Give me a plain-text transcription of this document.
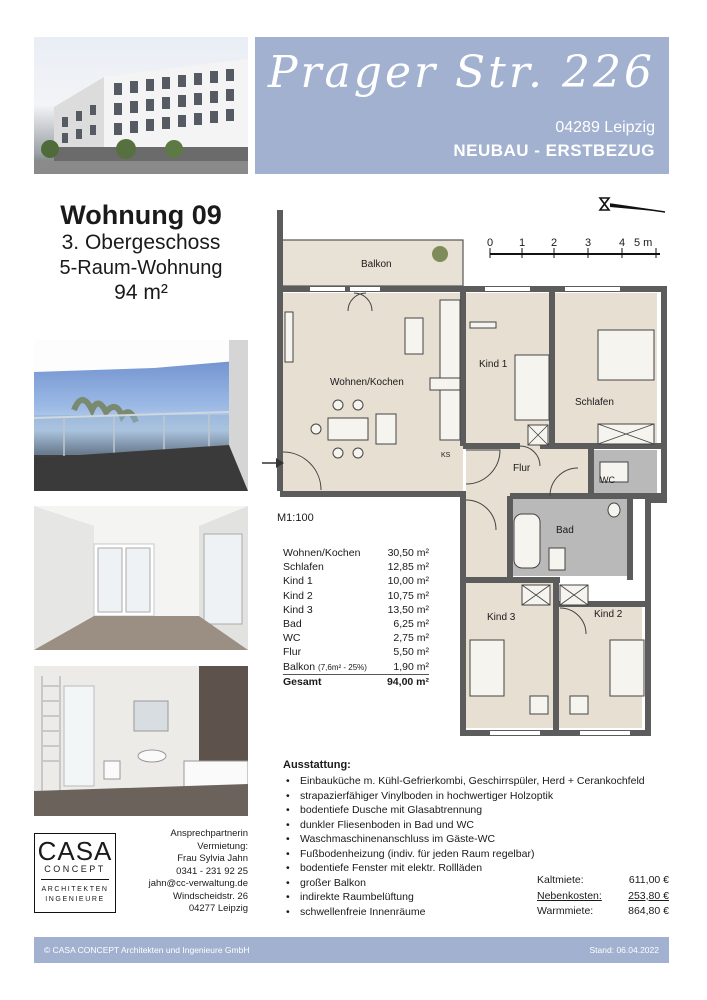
Prager Str. 226
04289 Leipzig
NEUBAU - ERSTBEZUG
Wohnung 09
3. Obergeschoss
5-Raum-Wohnung
94 m²
CASA
CONCEPT
ARCHITEKTEN
INGENIEURE
Ansprechpartnerin
Vermietung:
Frau Sylvia Jahn
0341 - 231 92 25
jahn@cc-verwaltung.de
Windscheidstr. 26
04277 Leipzig
0 1 2	3	4 5 m
Balkon
Wohnen/Kochen
Kind 1
Schlafen
Flur
WC
Bad
Kind 3	Kind 2
KS
M1:100
Wohnen/Kochen	30,50 m²
Schlafen	12,85 m²
Kind 1	10,00 m²
Kind 2	10,75 m²
Kind 3	13,50 m²
Bad	6,25 m²
WC	2,75 m²
Flur	5,50 m²
Balkon (7,6m² - 25%)	1,90 m²
Gesamt	94,00 m²
Ausstattung:
• Einbauküche m. Kühl-Gefrierkombi, Geschirrspüler, Herd + Cerankochfeld
• strapazierfähiger Vinylboden in hochwertiger Holzoptik
• bodentiefe Dusche mit Glasabtrennung
• dunkler Fliesenboden in Bad und WC
• Waschmaschinenanschluss im Gäste-WC
• Fußbodenheizung (indiv. für jeden Raum regelbar)
• bodentiefe Fenster mit elektr. Rollläden
• großer Balkon
• indirekte Raumbelüftung
• schwellenfreie Innenräume
Kaltmiete:	611,00 €
Nebenkosten:	253,80 €
Warmmiete:	864,80 €
© CASA CONCEPT Architekten und Ingenieure GmbH	Stand: 06.04.2022
